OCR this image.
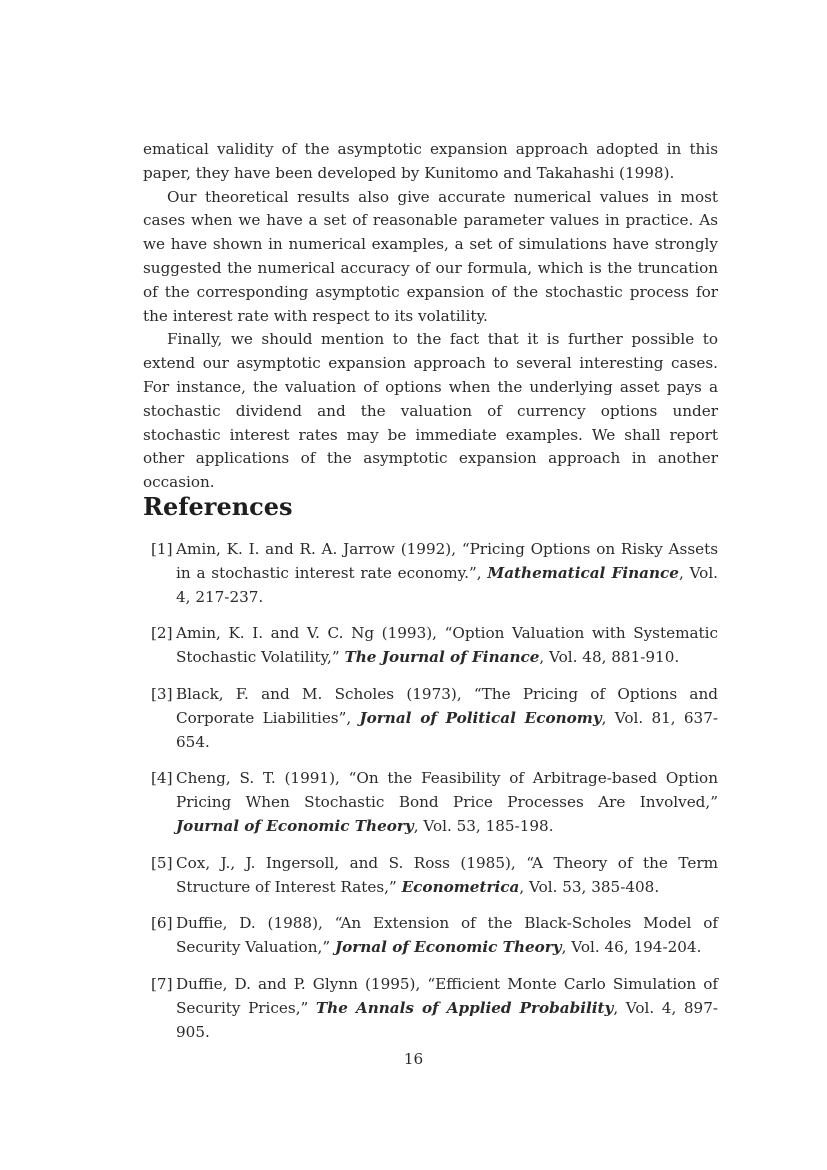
ematical validity of the asymptotic expansion approach adopted in this paper, they have been developed by Kunitomo and Takahashi (1998).

Our theoretical results also give accurate numerical values in most cases when we have a set of reasonable parameter values in practice. As we have shown in numerical examples, a set of simulations have strongly suggested the numerical accuracy of our formula, which is the truncation of the corresponding asymptotic expansion of the stochastic process for the interest rate with respect to its volatility.

Finally, we should mention to the fact that it is further possible to extend our asymptotic expansion approach to several interesting cases. For instance, the valuation of options when the underlying asset pays a stochastic dividend and the valuation of currency options under stochastic interest rates may be immediate examples. We shall report other applications of the asymptotic expansion approach in another occasion.

References
[1] Amin, K. I. and R. A. Jarrow (1992), “Pricing Options on Risky Assets in a stochastic interest rate economy.”, Mathematical Finance, Vol. 4, 217-237.
[2] Amin, K. I. and V. C. Ng (1993), “Option Valuation with Systematic Stochastic Volatility,” The Journal of Finance, Vol. 48, 881-910.
[3] Black, F. and M. Scholes (1973), “The Pricing of Options and Corporate Liabilities”, Jornal of Political Economy, Vol. 81, 637-654.
[4] Cheng, S. T. (1991), “On the Feasibility of Arbitrage-based Option Pricing When Stochastic Bond Price Processes Are Involved,” Journal of Economic Theory, Vol. 53, 185-198.
[5] Cox, J., J. Ingersoll, and S. Ross (1985), “A Theory of the Term Structure of Interest Rates,” Econometrica, Vol. 53, 385-408.
[6] Duffie, D. (1988), “An Extension of the Black-Scholes Model of Security Valuation,” Jornal of Economic Theory, Vol. 46, 194-204.
[7] Duffie, D. and P. Glynn (1995), “Efficient Monte Carlo Simulation of Security Prices,” The Annals of Applied Probability, Vol. 4, 897-905.
16
